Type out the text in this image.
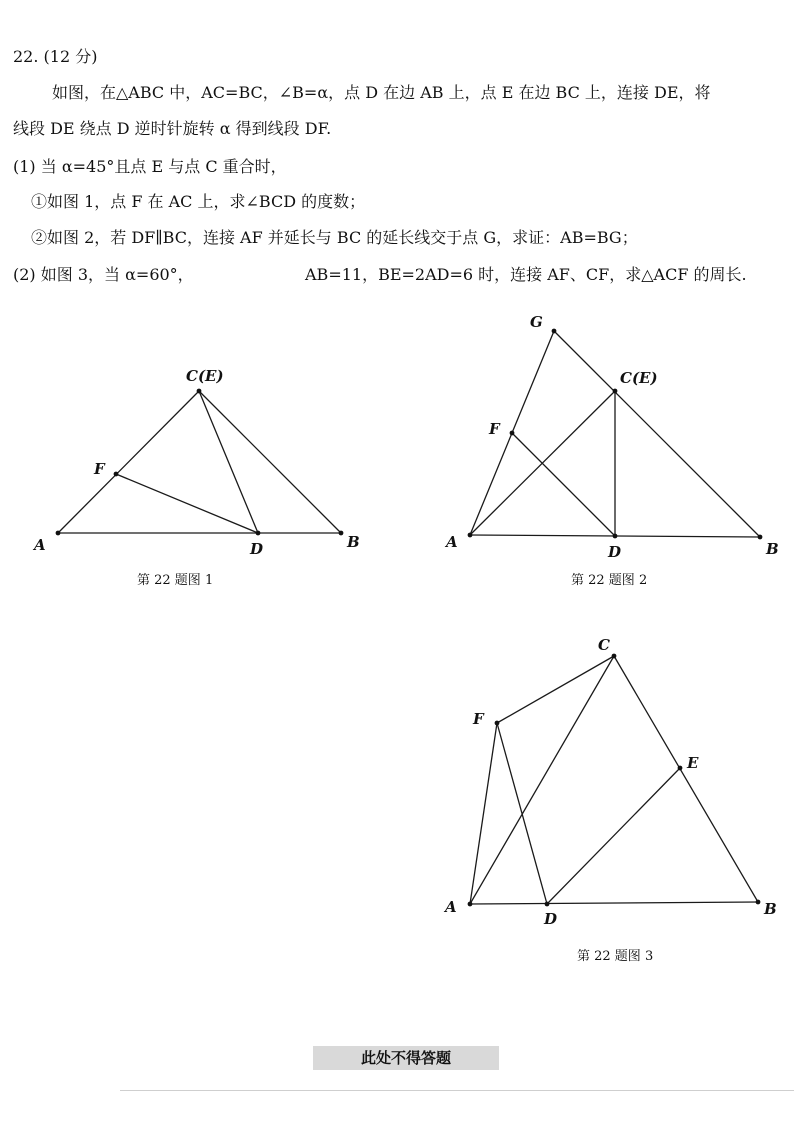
22. (12 分)
如图，在△ABC 中，AC=BC，∠B=α，点 D 在边 AB 上，点 E 在边 BC 上，连接 DE，将
线段 DE 绕点 D 逆时针旋转 α 得到线段 DF.
(1) 当 α=45°且点 E 与点 C 重合时，
①如图 1，点 F 在 AC 上，求∠BCD 的度数；
②如图 2，若 DF∥BC，连接 AF 并延长与 BC 的延长线交于点 G，求证：AB=BG；
(2) 如图 3，当 α=60°，	AB=11，BE=2AD=6 时，连接 AF、CF，求△ACF 的周长.
A	B
C(E)
D
F
第 22 题图 1
A	B
C(E)
D
F
G
第 22 题图 2
A	B
C
D
E
F
第 22 题图 3
此处不得答题
